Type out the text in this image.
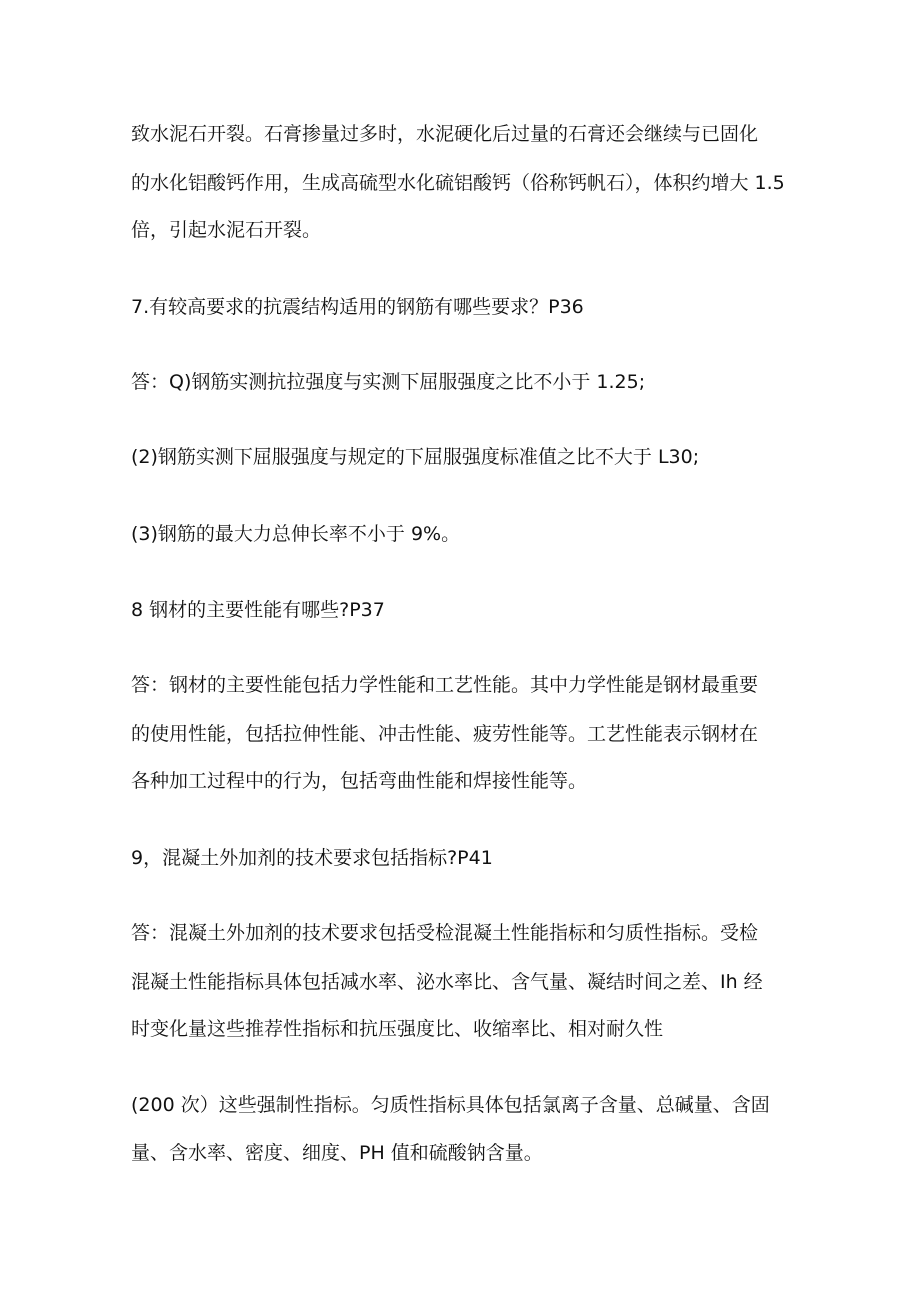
致水泥石开裂。石膏掺量过多时，水泥硬化后过量的石膏还会继续与已固化
的水化铝酸钙作用，生成高硫型水化硫铝酸钙（俗称钙帆石），体积约增大 1.5
倍，引起水泥石开裂。
7.有较高要求的抗震结构适用的钢筋有哪些要求？P36
答：Q)钢筋实测抗拉强度与实测下屈服强度之比不小于 1.25;
(2)钢筋实测下屈服强度与规定的下屈服强度标准值之比不大于 L30;
(3)钢筋的最大力总伸长率不小于 9%。
8 钢材的主要性能有哪些?P37
答：钢材的主要性能包括力学性能和工艺性能。其中力学性能是钢材最重要
的使用性能，包括拉伸性能、冲击性能、疲劳性能等。工艺性能表示钢材在
各种加工过程中的行为，包括弯曲性能和焊接性能等。
9，混凝土外加剂的技术要求包括指标?P41
答：混凝土外加剂的技术要求包括受检混凝土性能指标和匀质性指标。受检
混凝土性能指标具体包括减水率、泌水率比、含气量、凝结时间之差、Ih 经
时变化量这些推荐性指标和抗压强度比、收缩率比、相对耐久性
(200 次）这些强制性指标。匀质性指标具体包括氯离子含量、总碱量、含固
量、含水率、密度、细度、PH 值和硫酸钠含量。
